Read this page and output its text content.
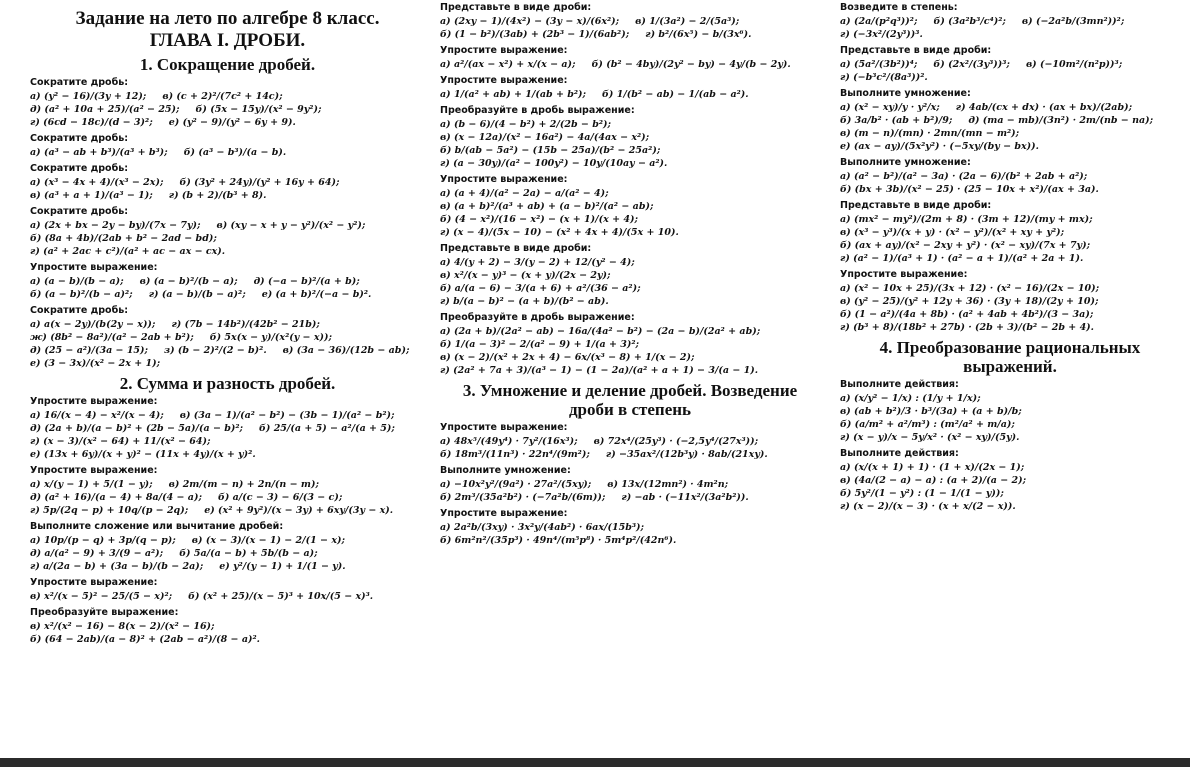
Задание на лето по алгебре 8 класс.
ГЛАВА I. ДРОБИ.
1. Сокращение дробей.
Сократите дробь:
а) (y² − 16)/(3y + 12); в) (c + 2)²/(7c² + 14c);
д) (a² + 10a + 25)/(a² − 25); б) (5x − 15y)/(x² − 9y²);
г) (6cd − 18c)/(d − 3)²; е) (y² − 9)/(y² − 6y + 9).
Сократите дробь:
а) (a³ − ab + b³)/(a³ + b³); б) (a³ − b³)/(a − b).
Сократите дробь:
а) (x³ − 4x + 4)/(x³ − 2x); б) (3y² + 24y)/(y² + 16y + 64);
в) (a³ + a + 1)/(a³ − 1); г) (b + 2)/(b³ + 8).
Сократите дробь:
а) (2x + bx − 2y − by)/(7x − 7y); в) (xy − x + y − y²)/(x² − y²);
б) (8a + 4b)/(2ab + b² − 2ad − bd);
г) (a² + 2ac + c²)/(a² + ac − ax − cx).
Упростите выражение:
а) (a − b)/(b − a); в) (a − b)²/(b − a); д) (−a − b)²/(a + b);
б) (a − b)²/(b − a)²; г) (a − b)/(b − a)²; е) (a + b)²/(−a − b)².
Сократите дробь:
а) a(x − 2y)/(b(2y − x)); г) (7b − 14b²)/(42b² − 21b);
ж) (8b² − 8a²)/(a² − 2ab + b²); б) 5x(x − y)/(x²(y − x));
д) (25 − a²)/(3a − 15); з) (b − 2)²/(2 − b)². в) (3a − 36)/(12b − ab);
е) (3 − 3x)/(x² − 2x + 1);
2. Сумма и разность дробей.
Упростите выражение:
а) 16/(x − 4) − x²/(x − 4); в) (3a − 1)/(a² − b²) − (3b − 1)/(a² − b²);
д) (2a + b)/(a − b)² + (2b − 5a)/(a − b)²; б) 25/(a + 5) − a²/(a + 5);
г) (x − 3)/(x² − 64) + 11/(x² − 64);
е) (13x + 6y)/(x + y)² − (11x + 4y)/(x + y)².
Упростите выражение:
а) x/(y − 1) + 5/(1 − y); в) 2m/(m − n) + 2n/(n − m);
д) (a² + 16)/(a − 4) + 8a/(4 − a); б) a/(c − 3) − 6/(3 − c);
г) 5p/(2q − p) + 10q/(p − 2q); е) (x² + 9y²)/(x − 3y) + 6xy/(3y − x).
Выполните сложение или вычитание дробей:
а) 10p/(p − q) + 3p/(q − p); в) (x − 3)/(x − 1) − 2/(1 − x);
д) a/(a² − 9) + 3/(9 − a²); б) 5a/(a − b) + 5b/(b − a);
г) a/(2a − b) + (3a − b)/(b − 2a); е) y²/(y − 1) + 1/(1 − y).
Упростите выражение:
в) x²/(x − 5)² − 25/(5 − x)²; б) (x² + 25)/(x − 5)³ + 10x/(5 − x)³.
Преобразуйте выражение:
в) x²/(x² − 16) − 8(x − 2)/(x² − 16);
б) (64 − 2ab)/(a − 8)² + (2ab − a²)/(8 − a)².
Представьте в виде дроби:
а) (2xy − 1)/(4x²) − (3y − x)/(6x²); в) 1/(3a²) − 2/(5a³);
б) (1 − b²)/(3ab) + (2b³ − 1)/(6ab²); г) b²/(6x⁵) − b/(3x⁶).
Упростите выражение:
а) a²/(ax − x²) + x/(x − a); б) (b² − 4by)/(2y² − by) − 4y/(b − 2y).
Упростите выражение:
а) 1/(a² + ab) + 1/(ab + b²); б) 1/(b² − ab) − 1/(ab − a²).
Преобразуйте в дробь выражение:
а) (b − 6)/(4 − b²) + 2/(2b − b²);
в) (x − 12a)/(x² − 16a²) − 4a/(4ax − x²);
б) b/(ab − 5a²) − (15b − 25a)/(b² − 25a²);
г) (a − 30y)/(a² − 100y²) − 10y/(10ay − a²).
Упростите выражение:
а) (a + 4)/(a² − 2a) − a/(a² − 4);
в) (a + b)²/(a³ + ab) + (a − b)²/(a² − ab);
б) (4 − x²)/(16 − x²) − (x + 1)/(x + 4);
г) (x − 4)/(5x − 10) − (x² + 4x + 4)/(5x + 10).
Представьте в виде дроби:
а) 4/(y + 2) − 3/(y − 2) + 12/(y² − 4);
в) x²/(x − y)³ − (x + y)/(2x − 2y);
б) a/(a − 6) − 3/(a + 6) + a²/(36 − a²);
г) b/(a − b)² − (a + b)/(b² − ab).
Преобразуйте в дробь выражение:
а) (2a + b)/(2a² − ab) − 16a/(4a² − b²) − (2a − b)/(2a² + ab);
б) 1/(a − 3)² − 2/(a² − 9) + 1/(a + 3)²;
в) (x − 2)/(x² + 2x + 4) − 6x/(x³ − 8) + 1/(x − 2);
г) (2a² + 7a + 3)/(a³ − 1) − (1 − 2a)/(a² + a + 1) − 3/(a − 1).
3. Умножение и деление дробей. Возведение дроби в степень
Упростите выражение:
а) 48x⁵/(49y⁴) · 7y²/(16x³); в) 72x⁴/(25y³) · (−2,5y⁴/(27x³));
б) 18m³/(11n³) · 22n⁴/(9m²); г) −35ax²/(12b³y) · 8ab/(21xy).
Выполните умножение:
а) −10x²y²/(9a²) · 27a²/(5xy); в) 13x/(12mn²) · 4m²n;
б) 2m³/(35a²b²) · (−7a²b/(6m)); г) −ab · (−11x²/(3a²b²)).
Упростите выражение:
а) 2a²b/(3xy) · 3x²y/(4ab²) · 6ax/(15b³);
б) 6m²n²/(35p³) · 49n⁴/(m⁵p⁸) · 5m⁴p²/(42n⁶).
Возведите в степень:
а) (2a/(p²q³))²; б) (3a²b³/c⁴)²; в) (−2a²b/(3mn²))²;
г) (−3x²/(2y³))³.
Представьте в виде дроби:
а) (5a²/(3b²))⁴; б) (2x²/(3y³))³; в) (−10m²/(n²p))³;
г) (−b³c²/(8a³))².
Выполните умножение:
а) (x² − xy)/y · y²/x; г) 4ab/(cx + dx) · (ax + bx)/(2ab);
б) 3a/b² · (ab + b²)/9; д) (ma − mb)/(3n²) · 2m/(nb − na);
в) (m − n)/(mn) · 2mn/(mn − m²);
е) (ax − ay)/(5x²y²) · (−5xy/(by − bx)).
Выполните умножение:
а) (a² − b²)/(a² − 3a) · (2a − 6)/(b² + 2ab + a²);
б) (bx + 3b)/(x² − 25) · (25 − 10x + x²)/(ax + 3a).
Представьте в виде дроби:
а) (mx² − my²)/(2m + 8) · (3m + 12)/(my + mx);
в) (x³ − y³)/(x + y) · (x² − y²)/(x² + xy + y²);
б) (ax + ay)/(x² − 2xy + y²) · (x² − xy)/(7x + 7y);
г) (a² − 1)/(a³ + 1) · (a² − a + 1)/(a² + 2a + 1).
Упростите выражение:
а) (x² − 10x + 25)/(3x + 12) · (x² − 16)/(2x − 10);
в) (y² − 25)/(y² + 12y + 36) · (3y + 18)/(2y + 10);
б) (1 − a²)/(4a + 8b) · (a² + 4ab + 4b²)/(3 − 3a);
г) (b³ + 8)/(18b² + 27b) · (2b + 3)/(b² − 2b + 4).
4. Преобразование рациональных выражений.
Выполните действия:
а) (x/y² − 1/x) : (1/y + 1/x);
в) (ab + b²)/3 · b³/(3a) + (a + b)/b;
б) (a/m² + a²/m³) : (m²/a² + m/a);
г) (x − y)/x − 5y/x² · (x² − xy)/(5y).
Выполните действия:
а) (x/(x + 1) + 1) · (1 + x)/(2x − 1);
в) (4a/(2 − a) − a) : (a + 2)/(a − 2);
б) 5y²/(1 − y²) : (1 − 1/(1 − y));
г) (x − 2)/(x − 3) · (x + x/(2 − x)).
